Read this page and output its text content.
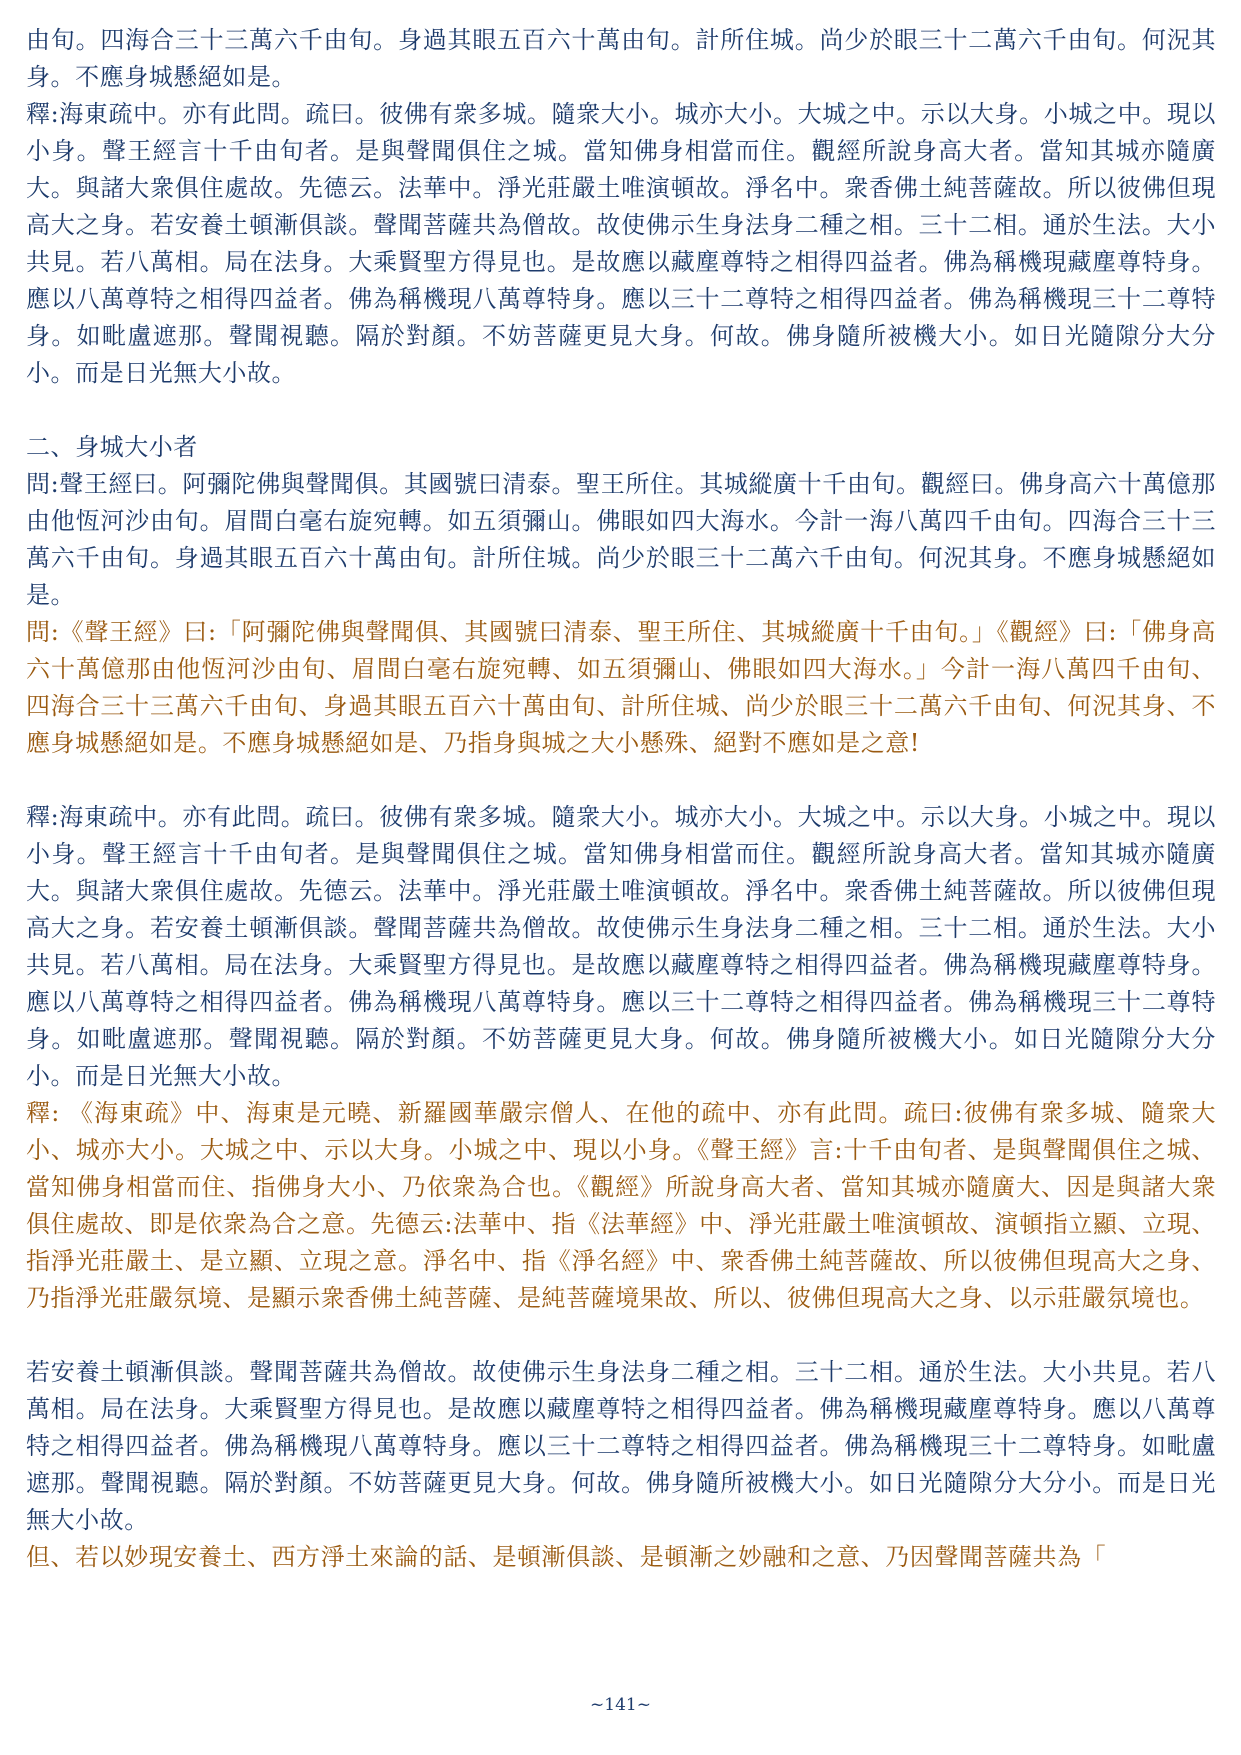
由旬。四海合三十三萬六千由旬。身過其眼五百六十萬由旬。計所住城。尚少於眼三十二萬六千由旬。何況其身。不應身城懸絕如是。

釋:海東疏中。亦有此問。疏曰。彼佛有衆多城。隨衆大小。城亦大小。大城之中。示以大身。小城之中。現以小身。聲王經言十千由旬者。是與聲聞俱住之城。當知佛身相當而住。觀經所說身高大者。當知其城亦隨廣大。與諸大衆俱住處故。先德云。法華中。淨光莊嚴土唯演頓故。淨名中。衆香佛土純菩薩故。所以彼佛但現高大之身。若安養土頓漸俱談。聲聞菩薩共為僧故。故使佛示生身法身二種之相。三十二相。通於生法。大小共見。若八萬相。局在法身。大乘賢聖方得見也。是故應以藏塵尊特之相得四益者。佛為稱機現藏塵尊特身。應以八萬尊特之相得四益者。佛為稱機現八萬尊特身。應以三十二尊特之相得四益者。佛為稱機現三十二尊特身。如毗盧遮那。聲聞視聽。隔於對顏。不妨菩薩更見大身。何故。佛身隨所被機大小。如日光隨隙分大分小。而是日光無大小故。

二、身城大小者

問:聲王經曰。阿彌陀佛與聲聞俱。其國號曰清泰。聖王所住。其城縱廣十千由旬。觀經曰。佛身高六十萬億那由他恆河沙由旬。眉間白毫右旋宛轉。如五須彌山。佛眼如四大海水。今計一海八萬四千由旬。四海合三十三萬六千由旬。身過其眼五百六十萬由旬。計所住城。尚少於眼三十二萬六千由旬。何況其身。不應身城懸絕如是。

問:《聲王經》曰:「阿彌陀佛與聲聞俱、其國號曰清泰、聖王所住、其城縱廣十千由旬。」《觀經》曰:「佛身高六十萬億那由他恆河沙由旬、眉間白毫右旋宛轉、如五須彌山、佛眼如四大海水。」今計一海八萬四千由旬、四海合三十三萬六千由旬、身過其眼五百六十萬由旬、計所住城、尚少於眼三十二萬六千由旬、何況其身、不應身城懸絕如是。不應身城懸絕如是、乃指身與城之大小懸殊、絕對不應如是之意!

釋:海東疏中。亦有此問。疏曰。彼佛有衆多城。隨衆大小。城亦大小。大城之中。示以大身。小城之中。現以小身。聲王經言十千由旬者。是與聲聞俱住之城。當知佛身相當而住。觀經所說身高大者。當知其城亦隨廣大。與諸大衆俱住處故。先德云。法華中。淨光莊嚴土唯演頓故。淨名中。衆香佛土純菩薩故。所以彼佛但現高大之身。若安養土頓漸俱談。聲聞菩薩共為僧故。故使佛示生身法身二種之相。三十二相。通於生法。大小共見。若八萬相。局在法身。大乘賢聖方得見也。是故應以藏塵尊特之相得四益者。佛為稱機現藏塵尊特身。應以八萬尊特之相得四益者。佛為稱機現八萬尊特身。應以三十二尊特之相得四益者。佛為稱機現三十二尊特身。如毗盧遮那。聲聞視聽。隔於對顏。不妨菩薩更見大身。何故。佛身隨所被機大小。如日光隨隙分大分小。而是日光無大小故。

釋: 《海東疏》中、海東是元曉、新羅國華嚴宗僧人、在他的疏中、亦有此問。疏曰:彼佛有衆多城、隨衆大小、城亦大小。大城之中、示以大身。小城之中、現以小身。《聲王經》言:十千由旬者、是與聲聞俱住之城、當知佛身相當而住、指佛身大小、乃依衆為合也。《觀經》所說身高大者、當知其城亦隨廣大、因是與諸大衆俱住處故、即是依衆為合之意。先德云:法華中、指《法華經》中、淨光莊嚴土唯演頓故、演頓指立顯、立現、指淨光莊嚴土、是立顯、立現之意。淨名中、指《淨名經》中、衆香佛土純菩薩故、所以彼佛但現高大之身、乃指淨光莊嚴氛境、是顯示衆香佛土純菩薩、是純菩薩境果故、所以、彼佛但現高大之身、以示莊嚴氛境也。

若安養土頓漸俱談。聲聞菩薩共為僧故。故使佛示生身法身二種之相。三十二相。通於生法。大小共見。若八萬相。局在法身。大乘賢聖方得見也。是故應以藏塵尊特之相得四益者。佛為稱機現藏塵尊特身。應以八萬尊特之相得四益者。佛為稱機現八萬尊特身。應以三十二尊特之相得四益者。佛為稱機現三十二尊特身。如毗盧遮那。聲聞視聽。隔於對顏。不妨菩薩更見大身。何故。佛身隨所被機大小。如日光隨隙分大分小。而是日光無大小故。

但、若以妙現安養土、西方淨土來論的話、是頓漸俱談、是頓漸之妙融和之意、乃因聲聞菩薩共為「

~141~
